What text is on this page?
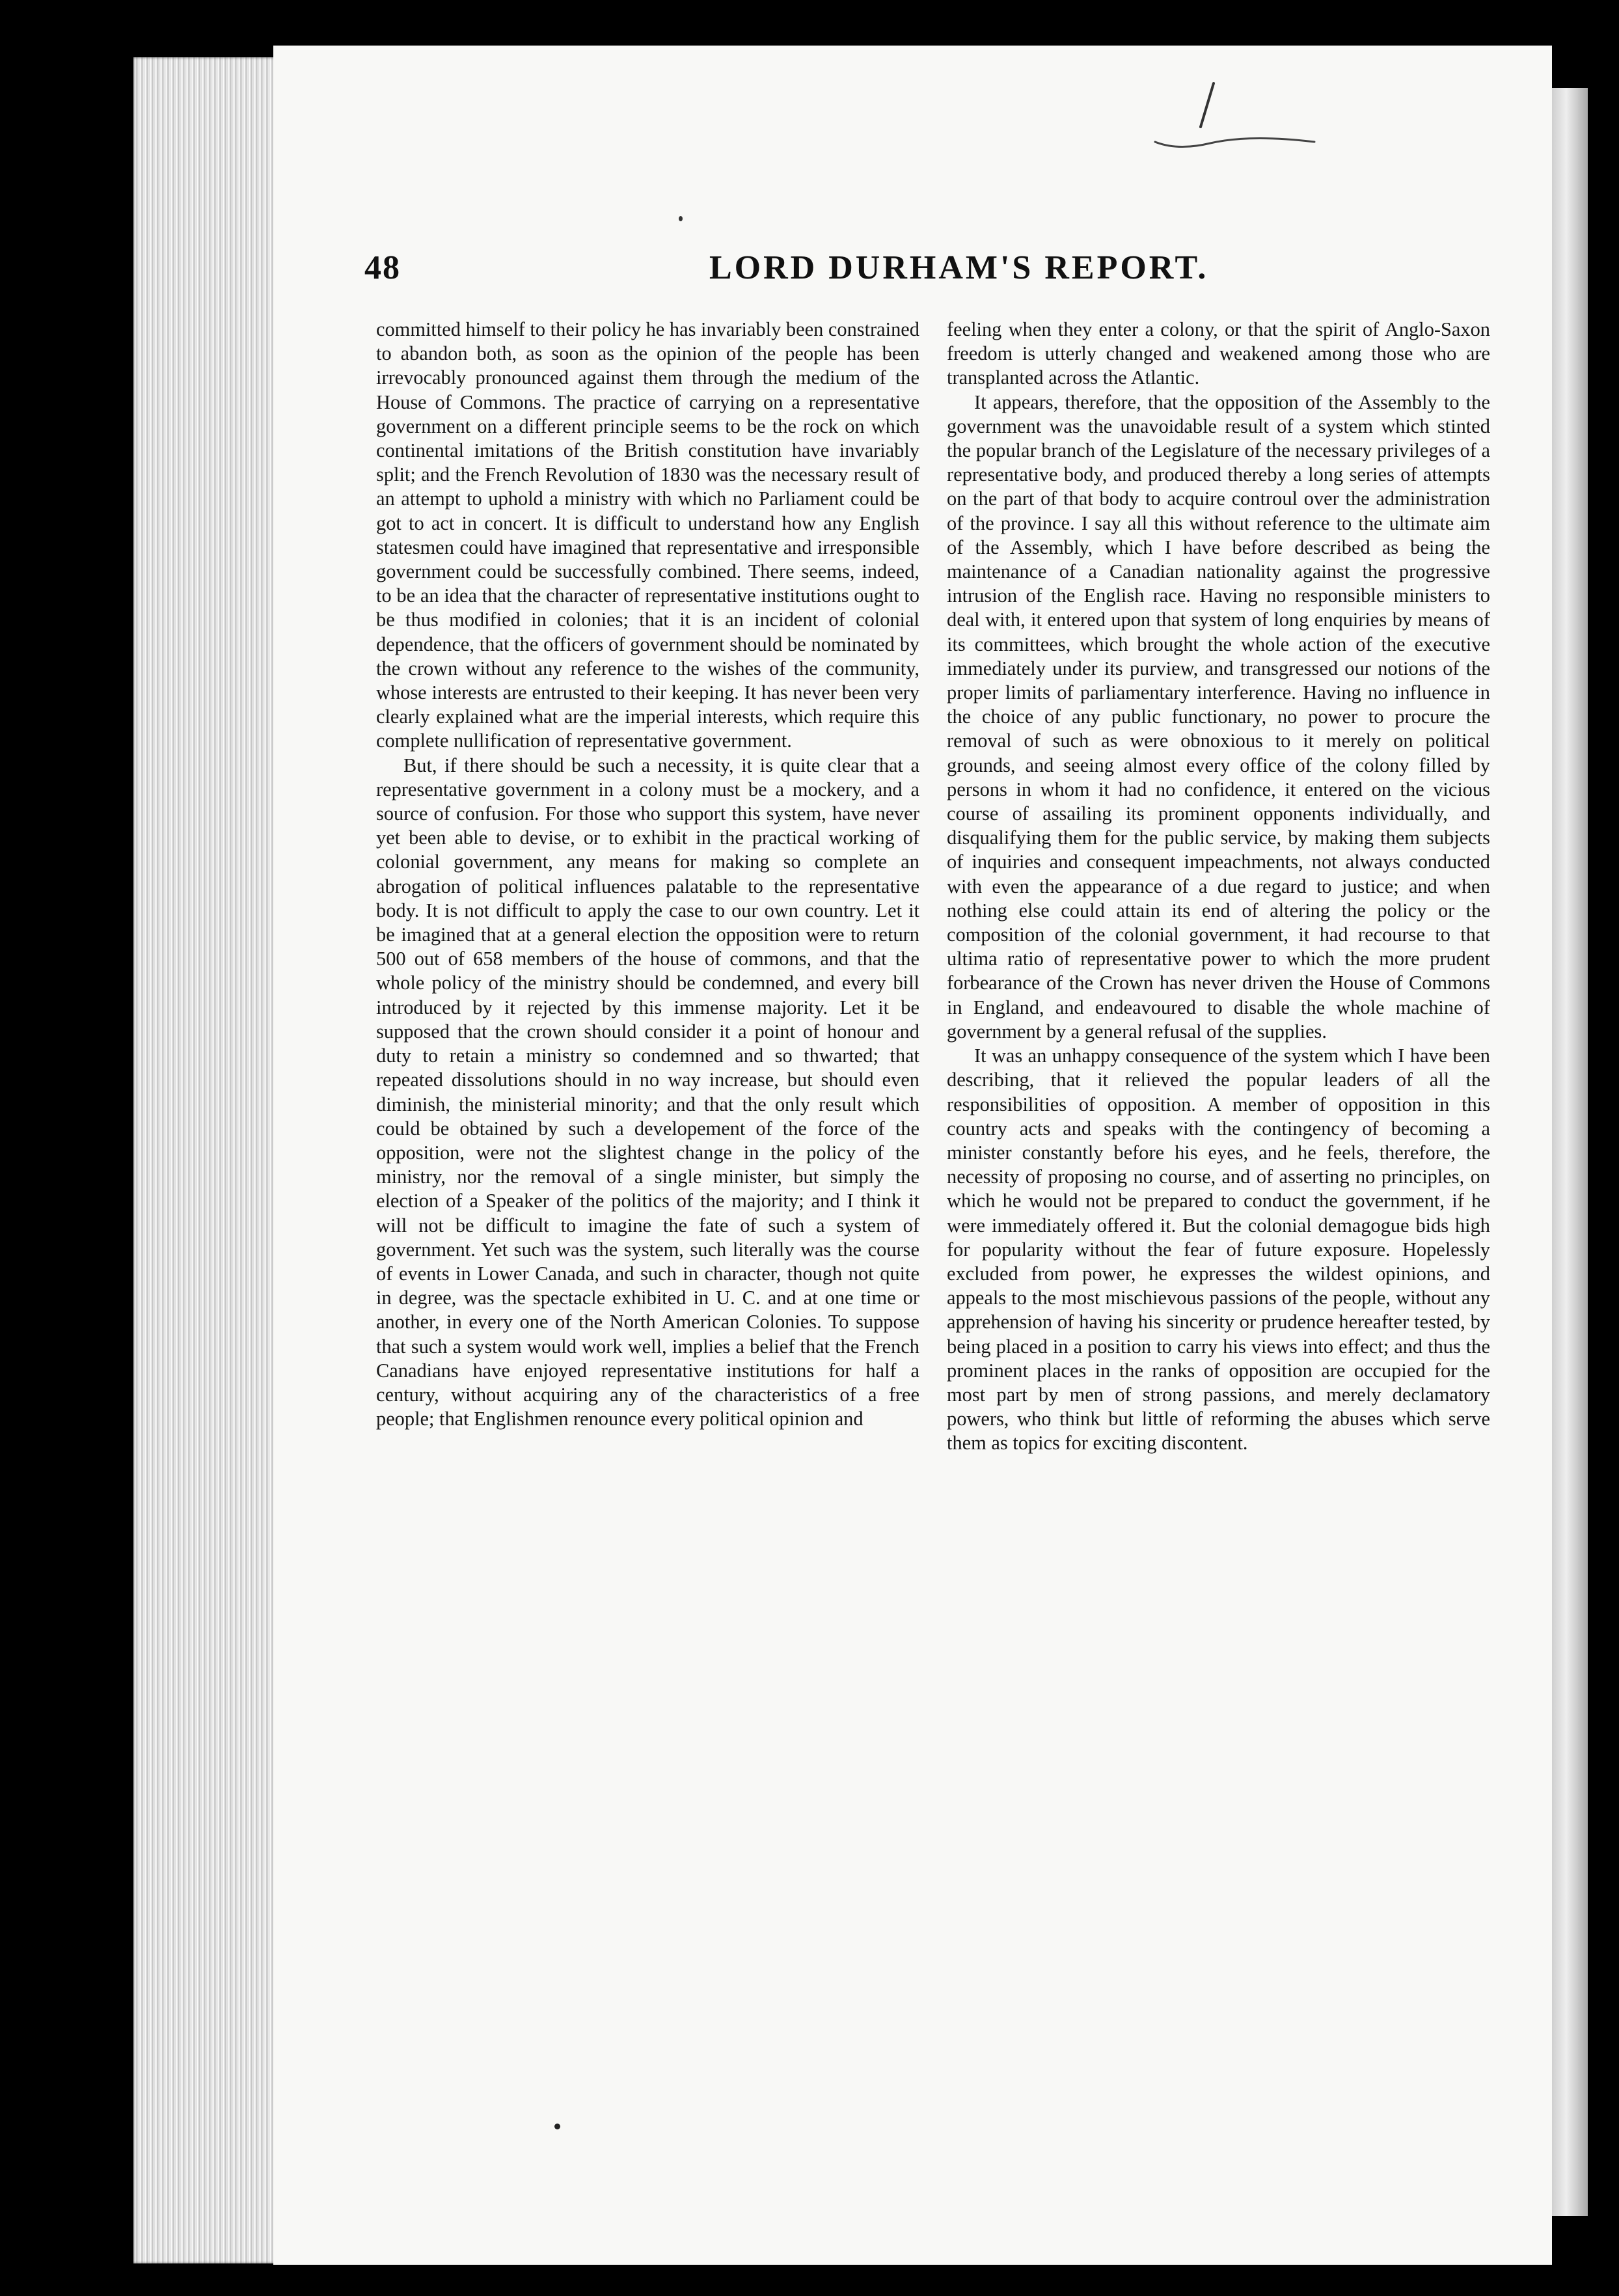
48	LORD DURHAM'S REPORT.

committed himself to their policy he has invariably been constrained to abandon both, as soon as the opinion of the people has been irrevocably pronounced against them through the medium of the House of Commons. The practice of carrying on a representative government on a different principle seems to be the rock on which continental imitations of the British constitution have invariably split; and the French Revolution of 1830 was the necessary result of an attempt to uphold a ministry with which no Parliament could be got to act in concert. It is difficult to understand how any English statesmen could have imagined that representative and irresponsible government could be successfully combined. There seems, indeed, to be an idea that the character of representative institutions ought to be thus modified in colonies; that it is an incident of colonial dependence, that the officers of government should be nominated by the crown without any reference to the wishes of the community, whose interests are entrusted to their keeping. It has never been very clearly explained what are the imperial interests, which require this complete nullification of representative government.

But, if there should be such a necessity, it is quite clear that a representative government in a colony must be a mockery, and a source of confusion. For those who support this system, have never yet been able to devise, or to exhibit in the practical working of colonial government, any means for making so complete an abrogation of political influences palatable to the representative body. It is not difficult to apply the case to our own country. Let it be imagined that at a general election the opposition were to return 500 out of 658 members of the house of commons, and that the whole policy of the ministry should be condemned, and every bill introduced by it rejected by this immense majority. Let it be supposed that the crown should consider it a point of honour and duty to retain a ministry so condemned and so thwarted; that repeated dissolutions should in no way increase, but should even diminish, the ministerial minority; and that the only result which could be obtained by such a developement of the force of the opposition, were not the slightest change in the policy of the ministry, nor the removal of a single minister, but simply the election of a Speaker of the politics of the majority; and I think it will not be difficult to imagine the fate of such a system of government. Yet such was the system, such literally was the course of events in Lower Canada, and such in character, though not quite in degree, was the spectacle exhibited in U. C. and at one time or another, in every one of the North American Colonies. To suppose that such a system would work well, implies a belief that the French Canadians have enjoyed representative institutions for half a century, without acquiring any of the characteristics of a free people; that Englishmen renounce every political opinion and

feeling when they enter a colony, or that the spirit of Anglo-Saxon freedom is utterly changed and weakened among those who are transplanted across the Atlantic.

It appears, therefore, that the opposition of the Assembly to the government was the unavoidable result of a system which stinted the popular branch of the Legislature of the necessary privileges of a representative body, and produced thereby a long series of attempts on the part of that body to acquire controul over the administration of the province. I say all this without reference to the ultimate aim of the Assembly, which I have before described as being the maintenance of a Canadian nationality against the progressive intrusion of the English race. Having no responsible ministers to deal with, it entered upon that system of long enquiries by means of its committees, which brought the whole action of the executive immediately under its purview, and transgressed our notions of the proper limits of parliamentary interference. Having no influence in the choice of any public functionary, no power to procure the removal of such as were obnoxious to it merely on political grounds, and seeing almost every office of the colony filled by persons in whom it had no confidence, it entered on the vicious course of assailing its prominent opponents individually, and disqualifying them for the public service, by making them subjects of inquiries and consequent impeachments, not always conducted with even the appearance of a due regard to justice; and when nothing else could attain its end of altering the policy or the composition of the colonial government, it had recourse to that ultima ratio of representative power to which the more prudent forbearance of the Crown has never driven the House of Commons in England, and endeavoured to disable the whole machine of government by a general refusal of the supplies.

It was an unhappy consequence of the system which I have been describing, that it relieved the popular leaders of all the responsibilities of opposition. A member of opposition in this country acts and speaks with the contingency of becoming a minister constantly before his eyes, and he feels, therefore, the necessity of proposing no course, and of asserting no principles, on which he would not be prepared to conduct the government, if he were immediately offered it. But the colonial demagogue bids high for popularity without the fear of future exposure. Hopelessly excluded from power, he expresses the wildest opinions, and appeals to the most mischievous passions of the people, without any apprehension of having his sincerity or prudence hereafter tested, by being placed in a position to carry his views into effect; and thus the prominent places in the ranks of opposition are occupied for the most part by men of strong passions, and merely declamatory powers, who think but little of reforming the abuses which serve them as topics for exciting discontent.
